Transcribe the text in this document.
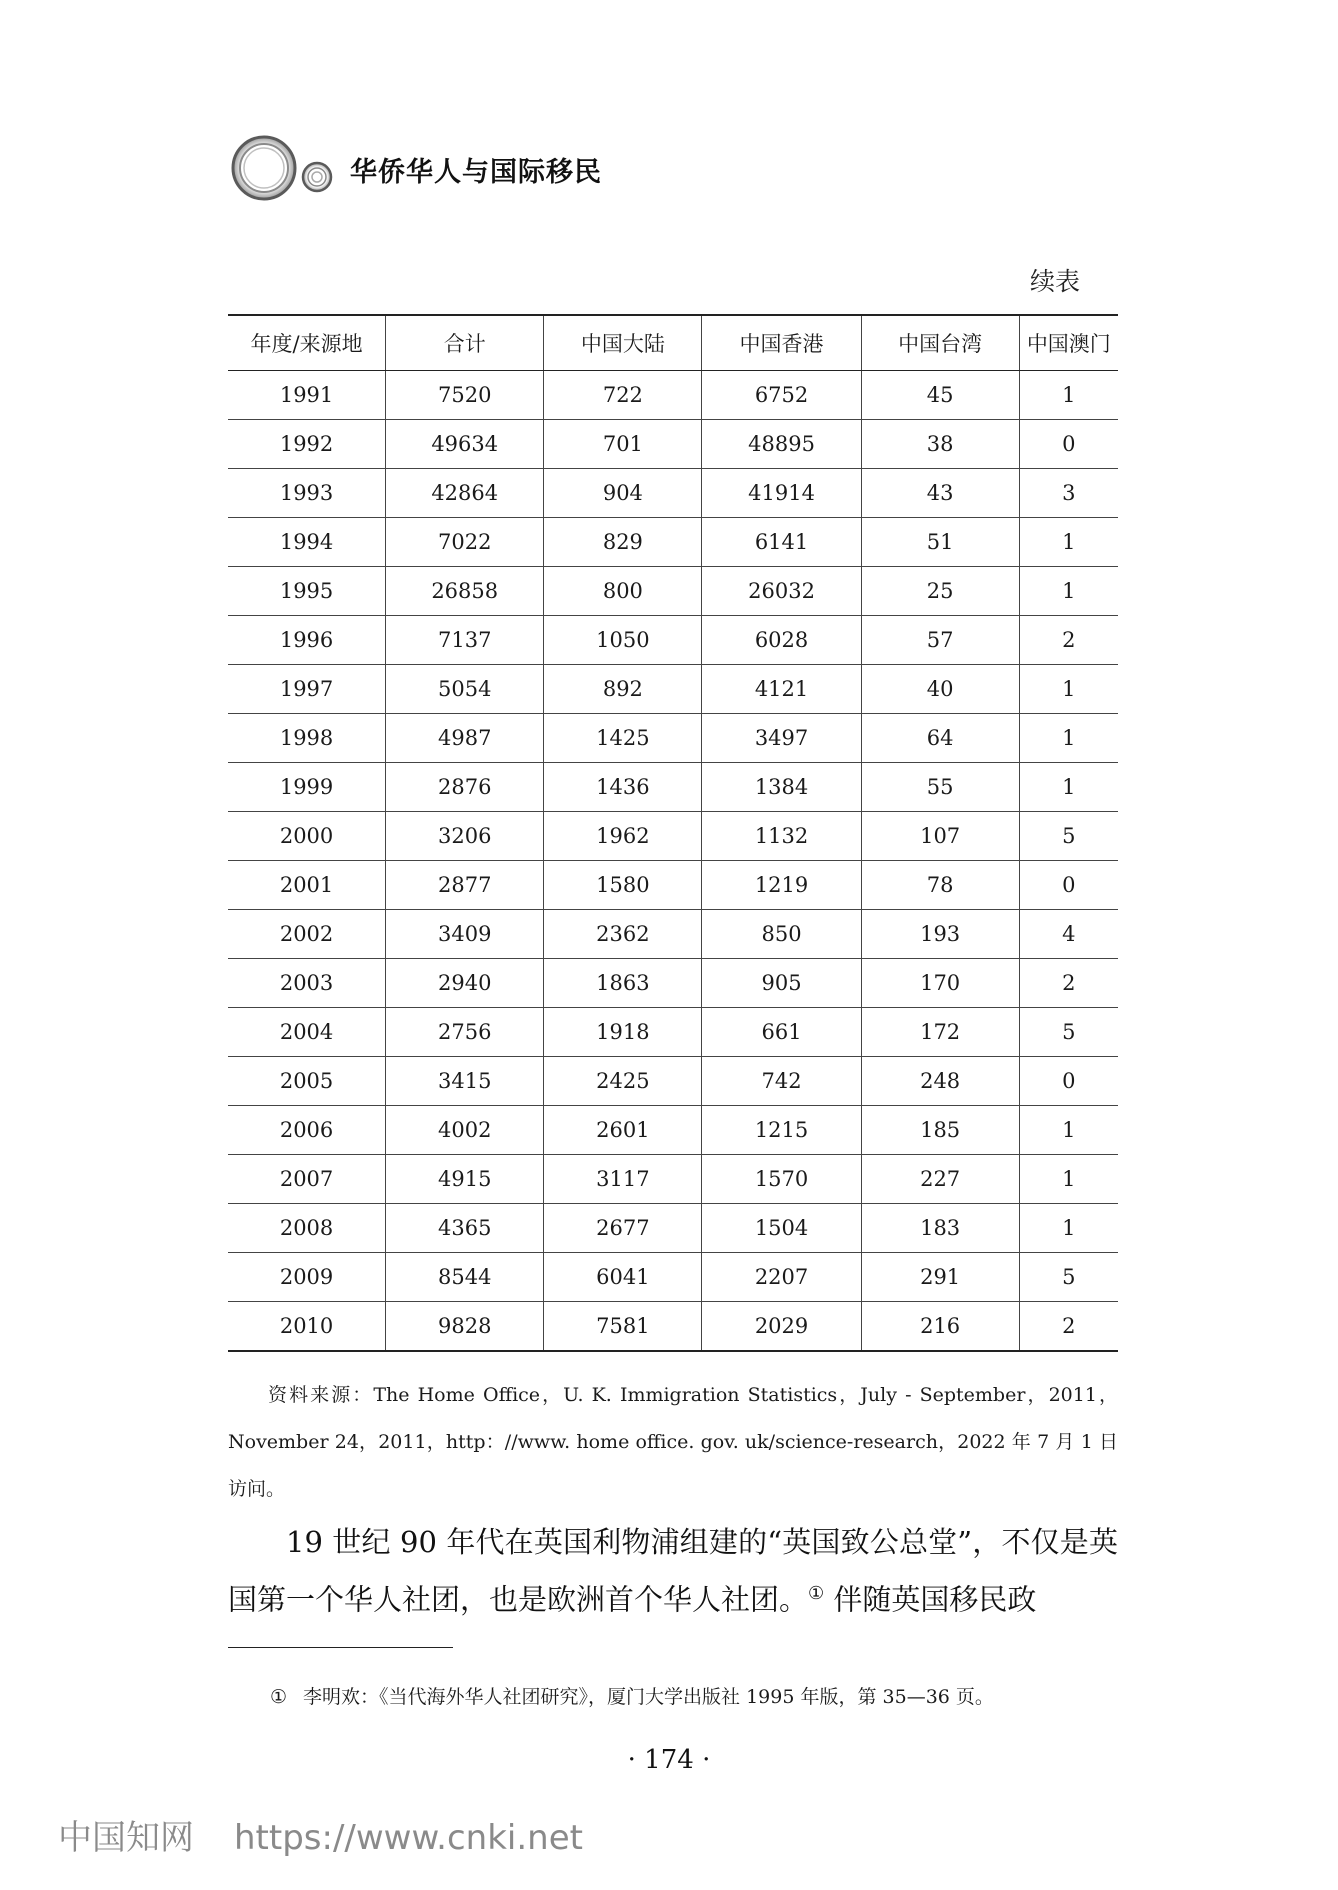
华侨华人与国际移民
续表
年度/来源地	合计	中国大陆	中国香港	中国台湾	中国澳门
1991	7520	722	6752	45	1
1992	49634	701	48895	38	0
1993	42864	904	41914	43	3
1994	7022	829	6141	51	1
1995	26858	800	26032	25	1
1996	7137	1050	6028	57	2
1997	5054	892	4121	40	1
1998	4987	1425	3497	64	1
1999	2876	1436	1384	55	1
2000	3206	1962	1132	107	5
2001	2877	1580	1219	78	0
2002	3409	2362	850	193	4
2003	2940	1863	905	170	2
2004	2756	1918	661	172	5
2005	3415	2425	742	248	0
2006	4002	2601	1215	185	1
2007	4915	3117	1570	227	1
2008	4365	2677	1504	183	1
2009	8544	6041	2207	291	5
2010	9828	7581	2029	216	2
资料来源：The Home Office，U. K. Immigration Statistics，July - September，2011，November 24，2011，http：//www. home office. gov. uk/science-research，2022 年 7 月 1 日访问。
19 世纪 90 年代在英国利物浦组建的“英国致公总堂”，不仅是英国第一个华人社团，也是欧洲首个华人社团。① 伴随英国移民政
① 李明欢：《当代海外华人社团研究》，厦门大学出版社 1995 年版，第 35—36 页。
· 174 ·
中国知网 https://www.cnki.net
